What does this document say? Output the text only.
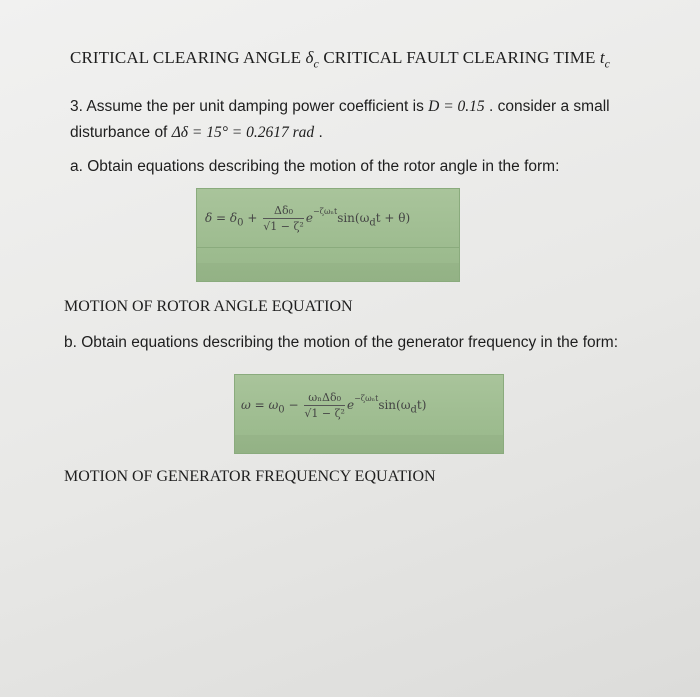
CRITICAL CLEARING ANGLE $\delta_c$ CRITICAL FAULT CLEARING TIME $t_c$
3. Assume the per unit damping power coefficient is D = 0.15 . consider a small
disturbance of Δδ = 15° = 0.2617 rad .
a. Obtain equations describing the motion of the rotor angle in the form:
$\delta = \delta_0 + \frac{\text{Δδ₀}}{\text{√1 − ζ²}} e^{-\zeta\omega_nt}\sin(\omega_dt + \theta)$
MOTION OF ROTOR ANGLE EQUATION
b. Obtain equations describing the motion of the generator frequency in the form:
$\omega = \omega_0 - \frac{\text{ωₙΔδ₀}}{\text{√1 − ζ²}} e^{-\zeta\omega_nt}\sin(\omega_dt)$
MOTION OF GENERATOR FREQUENCY EQUATION
